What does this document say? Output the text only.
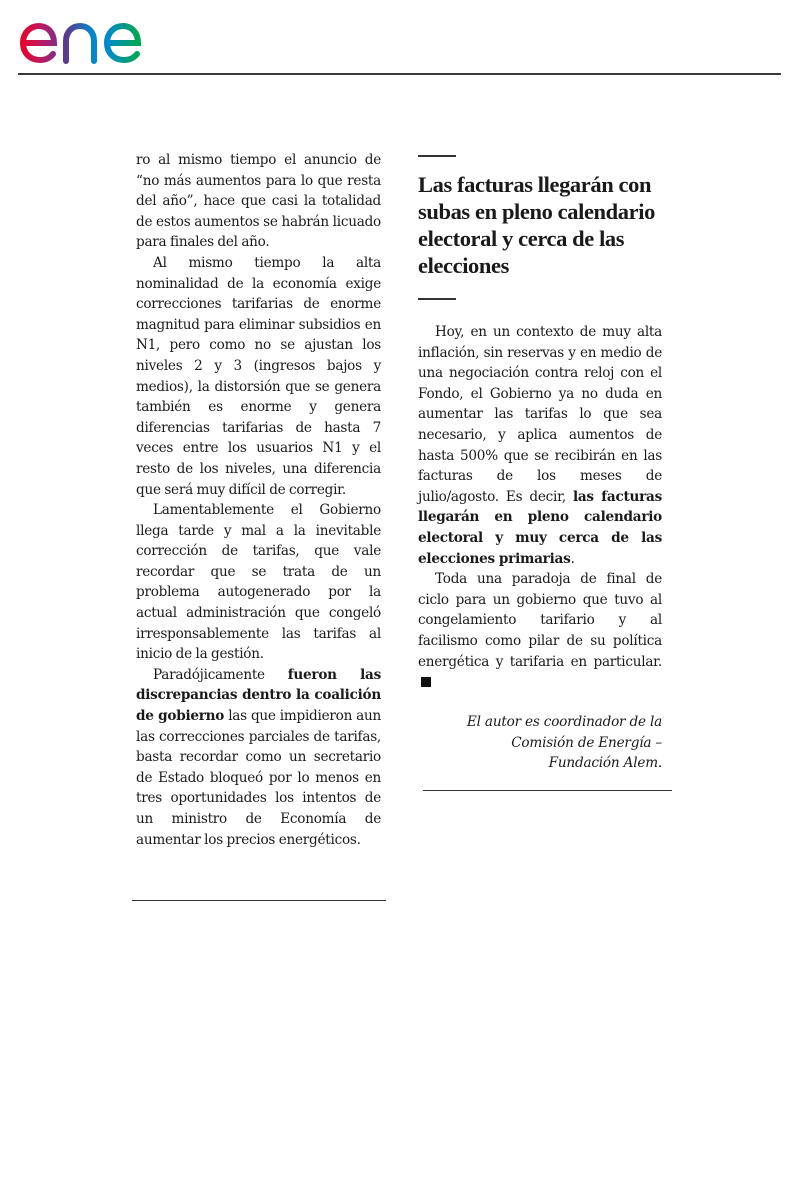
ro al mismo tiempo el anuncio de “no más aumentos para lo que resta del año”, hace que casi la totalidad de estos aumentos se habrán licuado para finales del año.

Al mismo tiempo la alta nominalidad de la economía exige correcciones tarifarias de enorme magnitud para eliminar subsidios en N1, pero como no se ajustan los niveles 2 y 3 (ingresos bajos y medios), la distorsión que se genera también es enorme y genera diferencias tarifarias de hasta 7 veces entre los usuarios N1 y el resto de los niveles, una diferencia que será muy difícil de corregir.

Lamentablemente el Gobierno llega tarde y mal a la inevitable corrección de tarifas, que vale recordar que se trata de un problema autogenerado por la actual administración que congeló irresponsablemente las tarifas al inicio de la gestión.

Paradójicamente fueron las discrepancias dentro la coalición de gobierno las que impidieron aun las correcciones parciales de tarifas, basta recordar como un secretario de Estado bloqueó por lo menos en tres oportunidades los intentos de un ministro de Economía de aumentar los precios energéticos.

Las facturas llegarán con subas en pleno calendario electoral y cerca de las elecciones

Hoy, en un contexto de muy alta inflación, sin reservas y en medio de una negociación contra reloj con el Fondo, el Gobierno ya no duda en aumentar las tarifas lo que sea necesario, y aplica aumentos de hasta 500% que se recibirán en las facturas de los meses de julio/agosto. Es decir, las facturas llegarán en pleno calendario electoral y muy cerca de las elecciones primarias.

Toda una paradoja de final de ciclo para un gobierno que tuvo al congelamiento tarifario y al facilismo como pilar de su política energética y tarifaria en particular.

El autor es coordinador de la
Comisión de Energía –
Fundación Alem.
